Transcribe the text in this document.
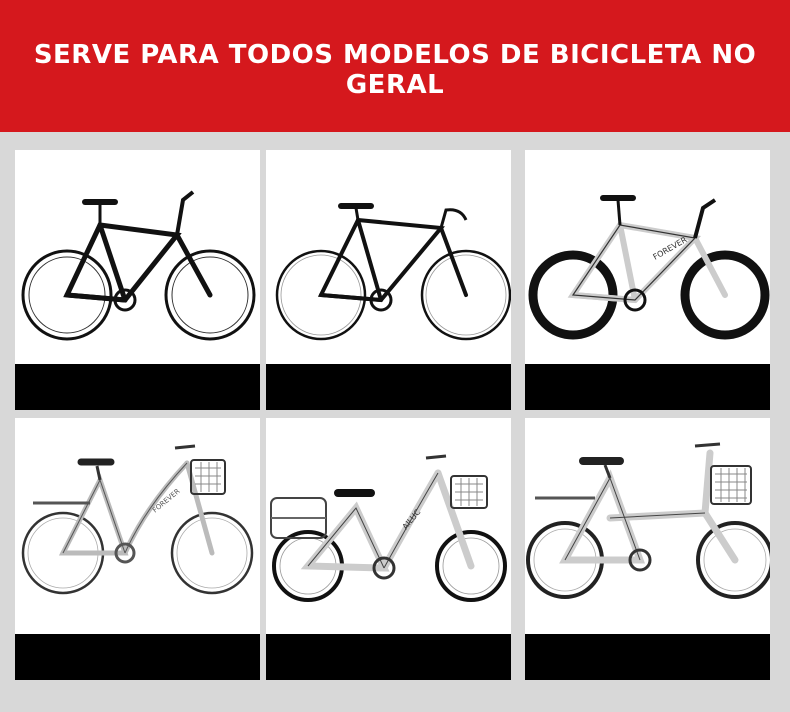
SERVE PARA TODOS MODELOS DE BICICLETA NO GERAL
FOREVER	FOREVER	FOREVER
FOREVER
AILUC
